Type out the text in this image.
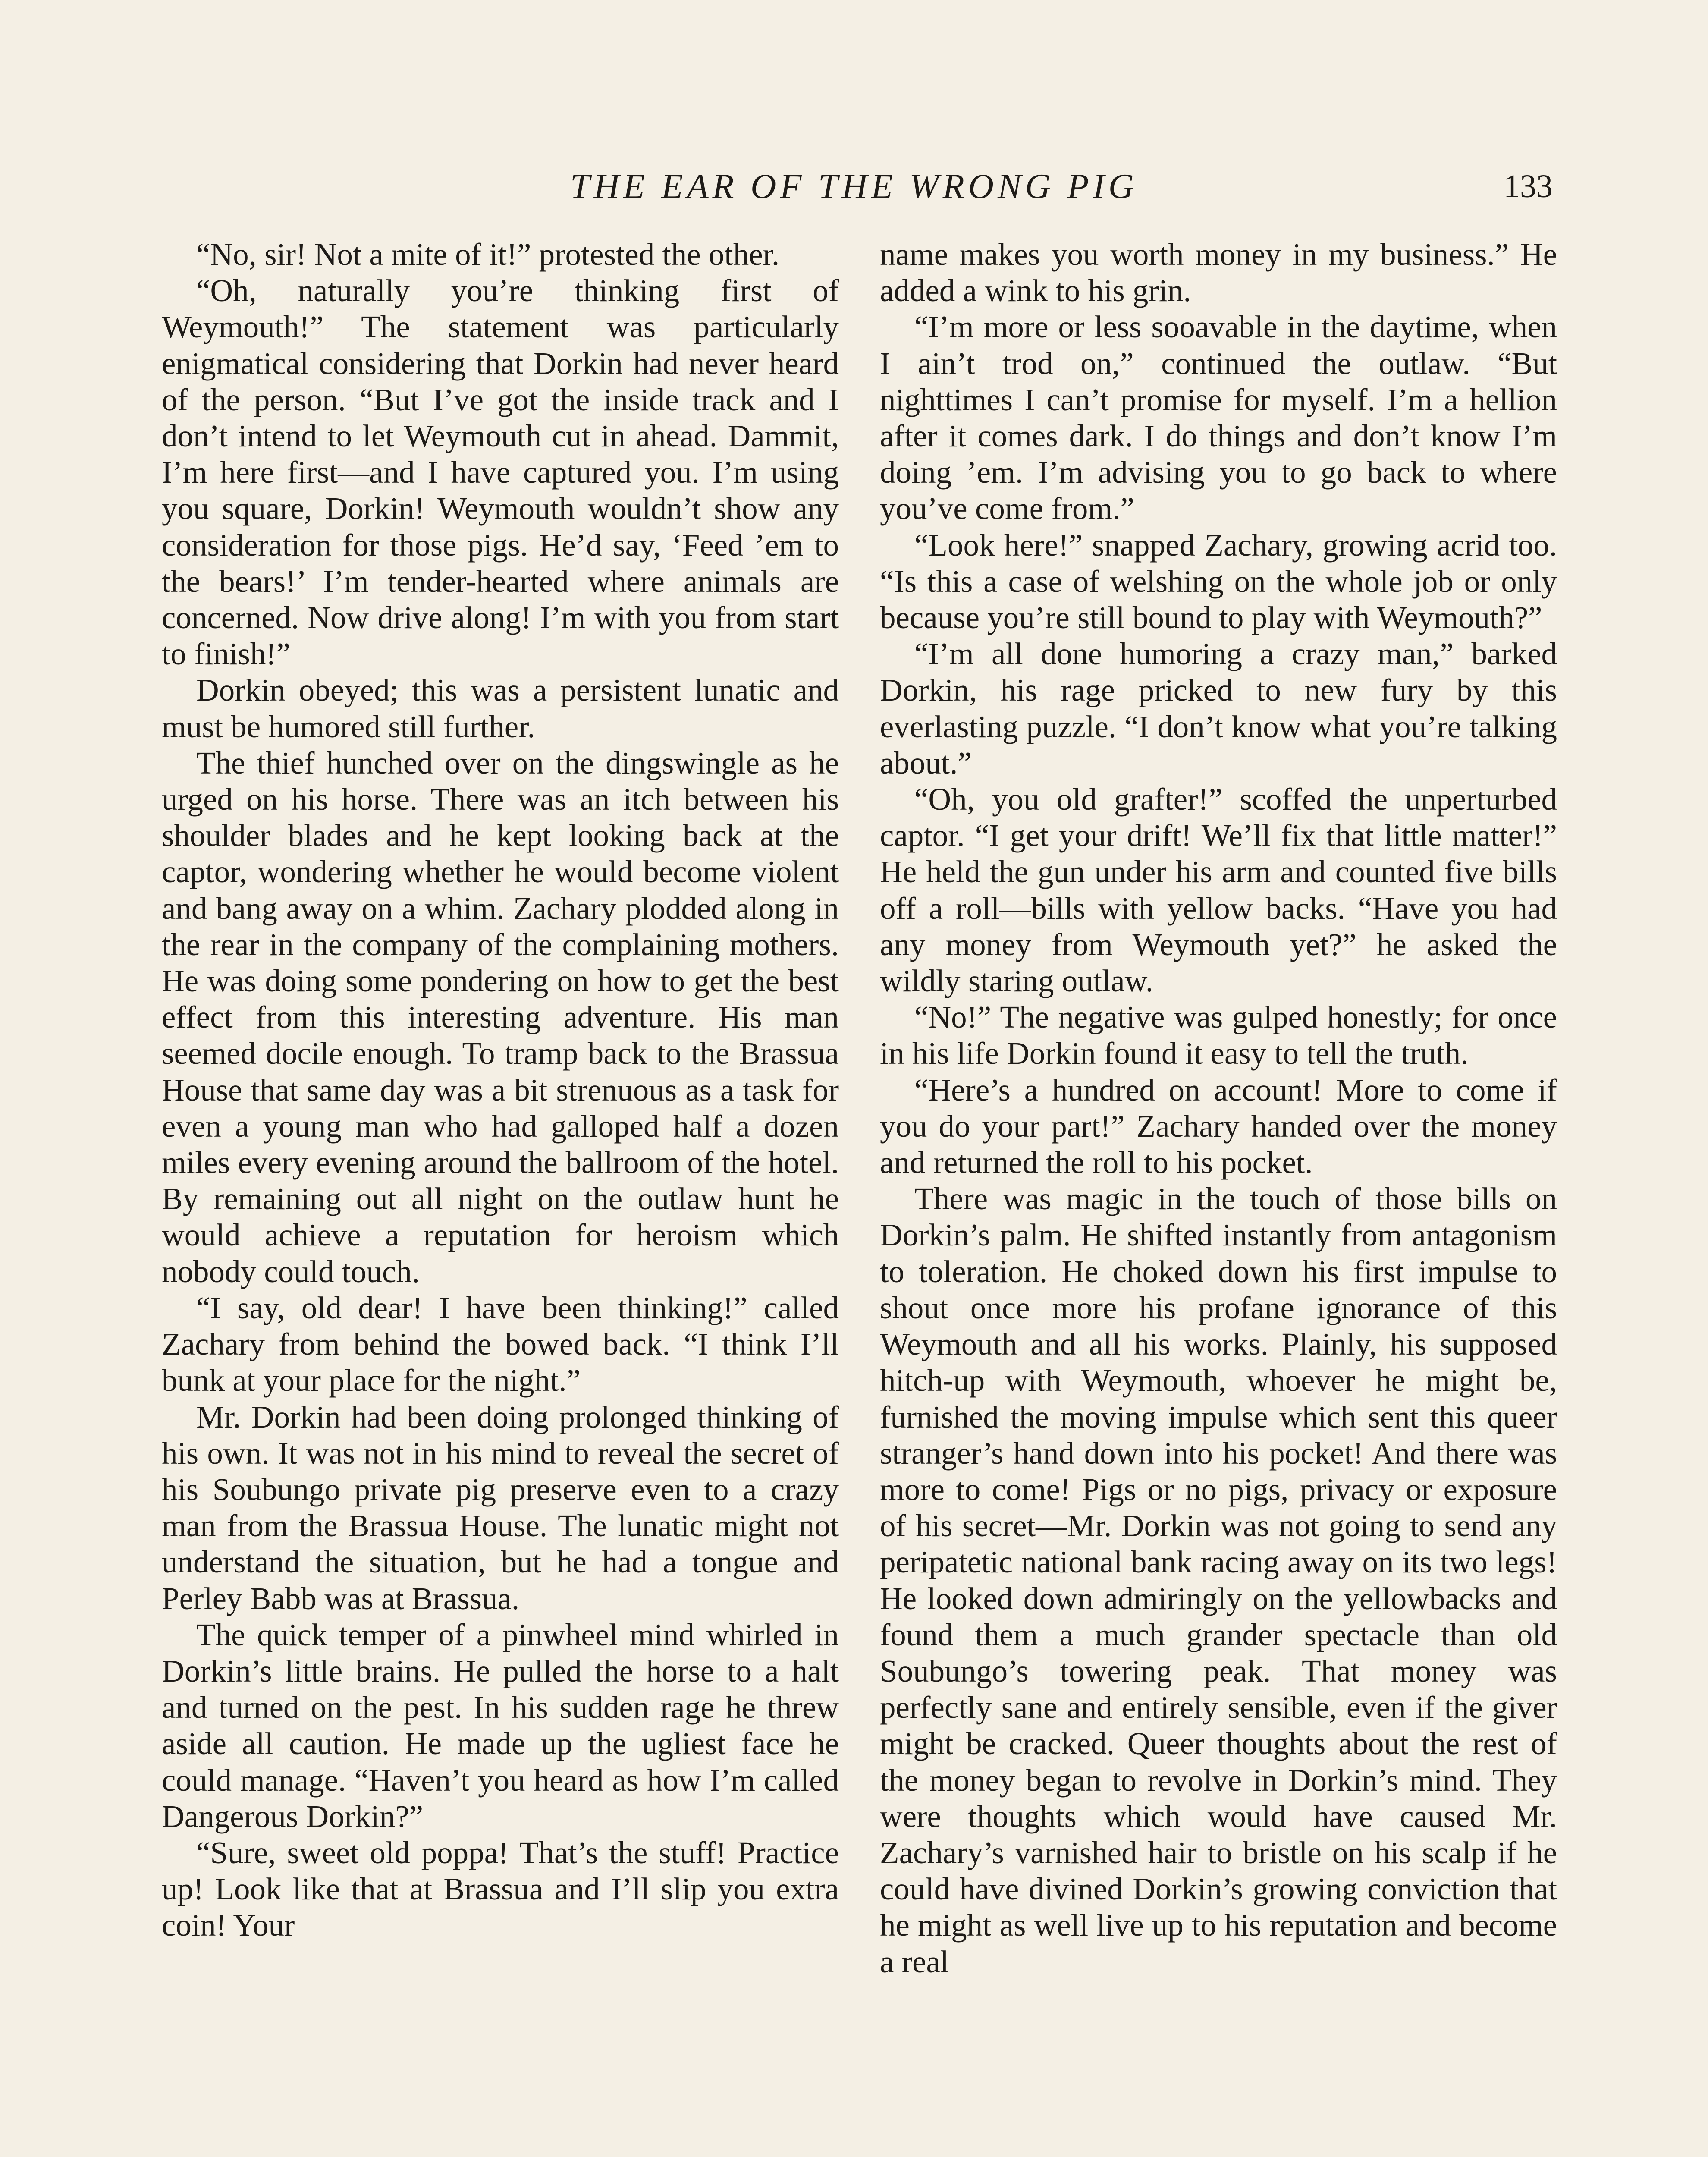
THE EAR OF THE WRONG PIG	133

“No, sir! Not a mite of it!” protested the other.

“Oh, naturally you’re thinking first of Weymouth!” The statement was particularly enigmatical considering that Dorkin had never heard of the person. “But I’ve got the inside track and I don’t intend to let Weymouth cut in ahead. Dammit, I’m here first—and I have captured you. I’m using you square, Dorkin! Weymouth wouldn’t show any consideration for those pigs. He’d say, ‘Feed ’em to the bears!’ I’m tender-hearted where animals are concerned. Now drive along! I’m with you from start to finish!”

Dorkin obeyed; this was a persistent lunatic and must be humored still further.

The thief hunched over on the dingswingle as he urged on his horse. There was an itch between his shoulder blades and he kept looking back at the captor, wondering whether he would become violent and bang away on a whim. Zachary plodded along in the rear in the company of the complaining mothers. He was doing some pondering on how to get the best effect from this interesting adventure. His man seemed docile enough. To tramp back to the Brassua House that same day was a bit strenuous as a task for even a young man who had galloped half a dozen miles every evening around the ballroom of the hotel. By remaining out all night on the outlaw hunt he would achieve a reputation for heroism which nobody could touch.

“I say, old dear! I have been thinking!” called Zachary from behind the bowed back. “I think I’ll bunk at your place for the night.”

Mr. Dorkin had been doing prolonged thinking of his own. It was not in his mind to reveal the secret of his Soubungo private pig preserve even to a crazy man from the Brassua House. The lunatic might not understand the situation, but he had a tongue and Perley Babb was at Brassua.

The quick temper of a pinwheel mind whirled in Dorkin’s little brains. He pulled the horse to a halt and turned on the pest. In his sudden rage he threw aside all caution. He made up the ugliest face he could manage. “Haven’t you heard as how I’m called Dangerous Dorkin?”

“Sure, sweet old poppa! That’s the stuff! Practice up! Look like that at Brassua and I’ll slip you extra coin! Your

name makes you worth money in my business.” He added a wink to his grin.

“I’m more or less sooavable in the daytime, when I ain’t trod on,” continued the outlaw. “But nighttimes I can’t promise for myself. I’m a hellion after it comes dark. I do things and don’t know I’m doing ’em. I’m advising you to go back to where you’ve come from.”

“Look here!” snapped Zachary, growing acrid too. “Is this a case of welshing on the whole job or only because you’re still bound to play with Weymouth?”

“I’m all done humoring a crazy man,” barked Dorkin, his rage pricked to new fury by this everlasting puzzle. “I don’t know what you’re talking about.”

“Oh, you old grafter!” scoffed the unperturbed captor. “I get your drift! We’ll fix that little matter!” He held the gun under his arm and counted five bills off a roll—bills with yellow backs. “Have you had any money from Weymouth yet?” he asked the wildly staring outlaw.

“No!” The negative was gulped honestly; for once in his life Dorkin found it easy to tell the truth.

“Here’s a hundred on account! More to come if you do your part!” Zachary handed over the money and returned the roll to his pocket.

There was magic in the touch of those bills on Dorkin’s palm. He shifted instantly from antagonism to toleration. He choked down his first impulse to shout once more his profane ignorance of this Weymouth and all his works. Plainly, his supposed hitch-up with Weymouth, whoever he might be, furnished the moving impulse which sent this queer stranger’s hand down into his pocket! And there was more to come! Pigs or no pigs, privacy or exposure of his secret—Mr. Dorkin was not going to send any peripatetic national bank racing away on its two legs! He looked down admiringly on the yellowbacks and found them a much grander spectacle than old Soubungo’s towering peak. That money was perfectly sane and entirely sensible, even if the giver might be cracked. Queer thoughts about the rest of the money began to revolve in Dorkin’s mind. They were thoughts which would have caused Mr. Zachary’s varnished hair to bristle on his scalp if he could have divined Dorkin’s growing conviction that he might as well live up to his reputation and become a real
